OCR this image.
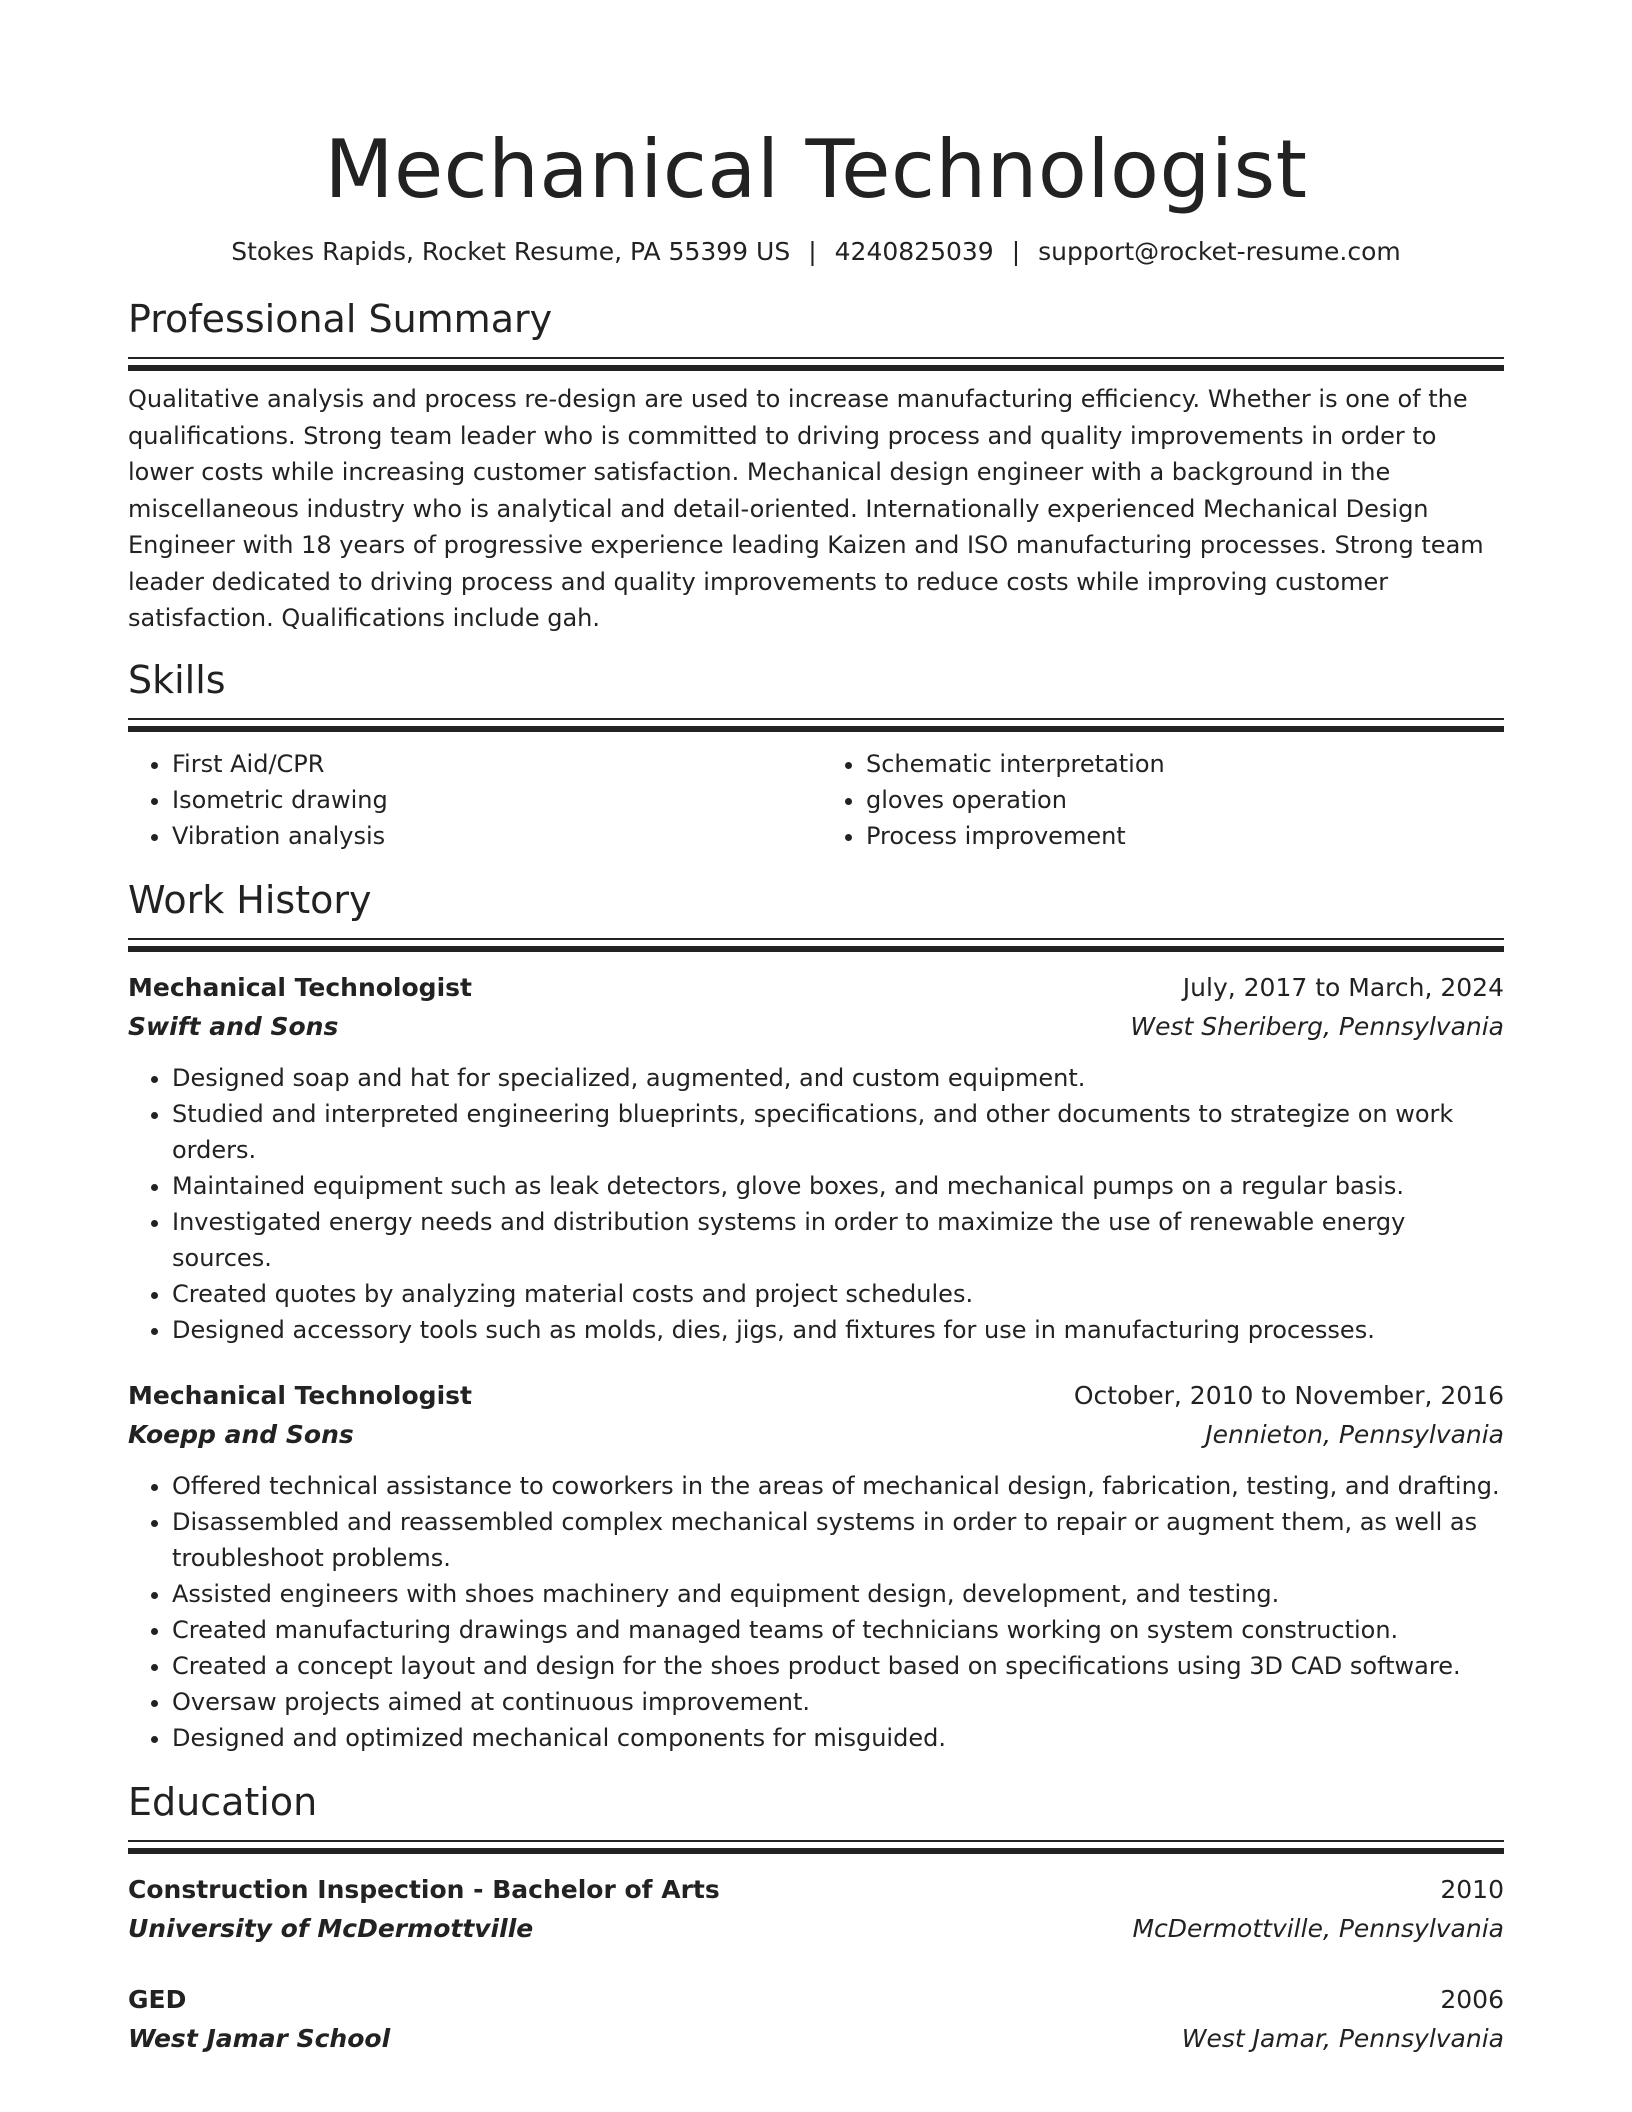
Mechanical Technologist
Stokes Rapids, Rocket Resume, PA 55399 US | 4240825039 | support@rocket-resume.com
Professional Summary

Qualitative analysis and process re-design are used to increase manufacturing efficiency. Whether is one of the qualifications. Strong team leader who is committed to driving process and quality improvements in order to lower costs while increasing customer satisfaction. Mechanical design engineer with a background in the miscellaneous industry who is analytical and detail-oriented. Internationally experienced Mechanical Design Engineer with 18 years of progressive experience leading Kaizen and ISO manufacturing processes. Strong team leader dedicated to driving process and quality improvements to reduce costs while improving customer satisfaction. Qualifications include gah.

Skills
• First Aid/CPR
• Isometric drawing
• Vibration analysis
• Schematic interpretation
• gloves operation
• Process improvement
Work History
Mechanical Technologist	July, 2017 to March, 2024
Swift and Sons	West Sheriberg, Pennsylvania
• Designed soap and hat for specialized, augmented, and custom equipment.
• Studied and interpreted engineering blueprints, specifications, and other documents to strategize on work orders.
• Maintained equipment such as leak detectors, glove boxes, and mechanical pumps on a regular basis.
• Investigated energy needs and distribution systems in order to maximize the use of renewable energy sources.
• Created quotes by analyzing material costs and project schedules.
• Designed accessory tools such as molds, dies, jigs, and fixtures for use in manufacturing processes.
Mechanical Technologist	October, 2010 to November, 2016
Koepp and Sons	Jennieton, Pennsylvania
• Offered technical assistance to coworkers in the areas of mechanical design, fabrication, testing, and drafting.
• Disassembled and reassembled complex mechanical systems in order to repair or augment them, as well as troubleshoot problems.
• Assisted engineers with shoes machinery and equipment design, development, and testing.
• Created manufacturing drawings and managed teams of technicians working on system construction.
• Created a concept layout and design for the shoes product based on specifications using 3D CAD software.
• Oversaw projects aimed at continuous improvement.
• Designed and optimized mechanical components for misguided.
Education
Construction Inspection - Bachelor of Arts	2010
University of McDermottville	McDermottville, Pennsylvania
GED	2006
West Jamar School	West Jamar, Pennsylvania
